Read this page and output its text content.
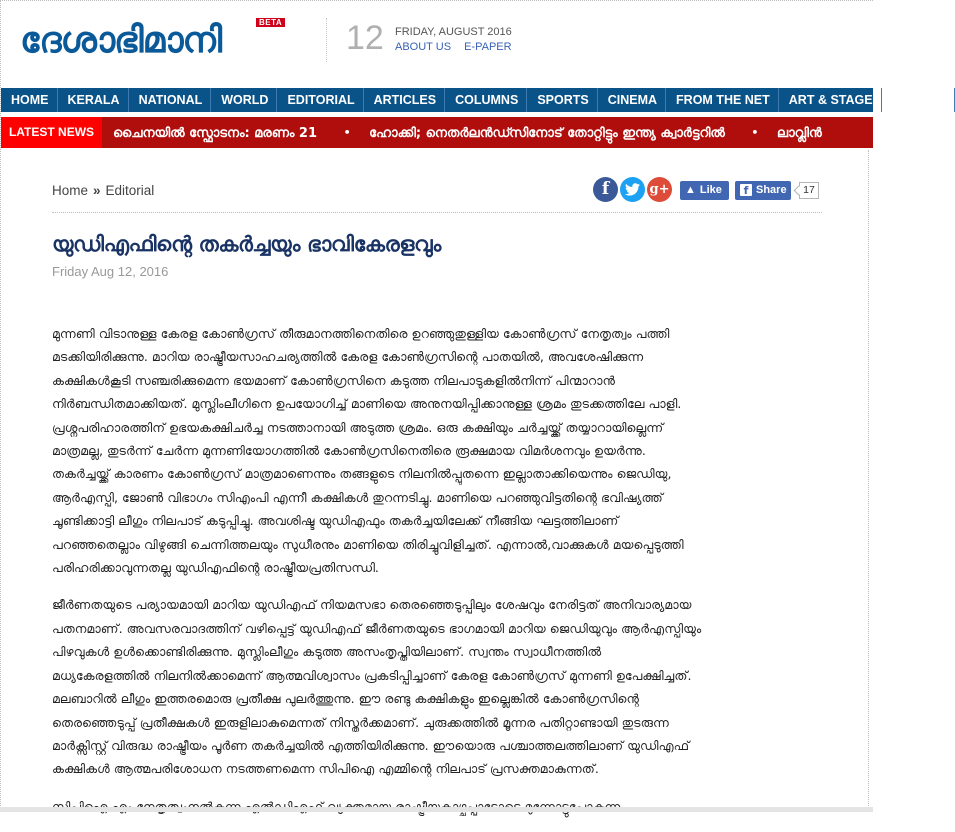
ദേശാഭിമാനി	BETA 12 FRIDAY, AUGUST 2016
ABOUT US E-PAPER
HOME	KERALA	NATIONAL	WORLD	EDITORIAL	ARTICLES	COLUMNS	SPORTS	CINEMA	FROM THE NET	ART & STAGE	E-PAPER
LATEST NEWS	ചൈനയിൽ സ്ഫോടനം: മരണം 21 • ഹോക്കി; നെതർലൻഡ്സിനോട് തോറ്റിട്ടും ഇന്ത്യ ക്വാർട്ടറിൽ • ലാവ്ലിൻ
Home » Editorial	f	g+	▲ Like	f Share	17
യുഡിഎഫിന്റെ തകർച്ചയും ഭാവികേരളവും
Friday Aug 12, 2016

മുന്നണി വിടാനുള്ള കേരള കോൺഗ്രസ് തീരുമാനത്തിനെതിരെ ഉറഞ്ഞുതുള്ളിയ കോൺഗ്രസ് നേതൃത്വം പത്തി
മടക്കിയിരിക്കുന്നു. മാറിയ രാഷ്ട്രീയസാഹചര്യത്തിൽ കേരള കോൺഗ്രസിന്റെ പാതയിൽ, അവശേഷിക്കുന്ന
കക്ഷികൾകൂടി സഞ്ചരിക്കുമെന്ന ഭയമാണ് കോൺഗ്രസിനെ കടുത്ത നിലപാടുകളിൽനിന്ന് പിന്മാറാൻ
നിർബന്ധിതമാക്കിയത്. മുസ്ലിംലീഗിനെ ഉപയോഗിച്ച് മാണിയെ അനുനയിപ്പിക്കാനുള്ള ശ്രമം തുടക്കത്തിലേ പാളി.
പ്രശ്നപരിഹാരത്തിന് ഉഭയകക്ഷിചർച്ച നടത്താനായി അടുത്ത ശ്രമം. ഒരു കക്ഷിയും ചർച്ചയ്ക്ക് തയ്യാറായില്ലെന്ന്
മാത്രമല്ല, തുടർന്ന് ചേർന്ന മുന്നണിയോഗത്തിൽ കോൺഗ്രസിനെതിരെ രൂക്ഷമായ വിമർശനവും ഉയർന്നു.
തകർച്ചയ്ക്ക് കാരണം കോൺഗ്രസ് മാത്രമാണെന്നും തങ്ങളുടെ നിലനിൽപ്പുതന്നെ ഇല്ലാതാക്കിയെന്നും ജെഡിയു,
ആർഎസ്പി, ജോൺ വിഭാഗം സിഎംപി എന്നീ കക്ഷികൾ തുറന്നടിച്ചു. മാണിയെ പറഞ്ഞുവിട്ടതിന്റെ ഭവിഷ്യത്ത്
ചൂണ്ടിക്കാട്ടി ലീഗും നിലപാട് കടുപ്പിച്ചു. അവശിഷ്ട യുഡിഎഫും തകർച്ചയിലേക്ക് നീങ്ങിയ ഘട്ടത്തിലാണ്
പറഞ്ഞതെല്ലാം വിഴുങ്ങി ചെന്നിത്തലയും സുധീരനും മാണിയെ തിരിച്ചുവിളിച്ചത്. എന്നാൽ,വാക്കുകൾ മയപ്പെടുത്തി
പരിഹരിക്കാവുന്നതല്ല യുഡിഎഫിന്റെ രാഷ്ട്രീയപ്രതിസന്ധി.

ജീർണതയുടെ പര്യായമായി മാറിയ യുഡിഎഫ് നിയമസഭാ തെരഞ്ഞെടുപ്പിലും ശേഷവും നേരിട്ടത് അനിവാര്യമായ
പതനമാണ്. അവസരവാദത്തിന് വഴിപ്പെട്ട് യുഡിഎഫ് ജീർണതയുടെ ഭാഗമായി മാറിയ ജെഡിയുവും ആർഎസ്പിയും
പിഴവുകൾ ഉൾക്കൊണ്ടിരിക്കുന്നു. മുസ്ലിംലീഗും കടുത്ത അസംതൃപ്തിയിലാണ്. സ്വന്തം സ്വാധീനത്തിൽ
മധ്യകേരളത്തിൽ നിലനിൽക്കാമെന്ന് ആത്മവിശ്വാസം പ്രകടിപ്പിച്ചാണ് കേരള കോൺഗ്രസ് മുന്നണി ഉപേക്ഷിച്ചത്.
മലബാറിൽ ലീഗും ഇത്തരമൊരു പ്രതീക്ഷ പുലർത്തുന്നു. ഈ രണ്ടു കക്ഷികളും ഇല്ലെങ്കിൽ കോൺഗ്രസിന്റെ
തെരഞ്ഞെടുപ്പ് പ്രതീക്ഷകൾ ഇരുളിലാകുമെന്നത് നിസ്തർക്കമാണ്. ചുരുക്കത്തിൽ മൂന്നര പതിറ്റാണ്ടായി തുടരുന്ന
മാർക്സിസ്റ്റ് വിരുദ്ധ രാഷ്ട്രീയം പൂർണ തകർച്ചയിൽ എത്തിയിരിക്കുന്നു. ഈയൊരു പശ്ചാത്തലത്തിലാണ് യുഡിഎഫ്
കക്ഷികൾ ആത്മപരിശോധന നടത്തണമെന്ന സിപിഐ എമ്മിന്റെ നിലപാട് പ്രസക്തമാകുന്നത്.
